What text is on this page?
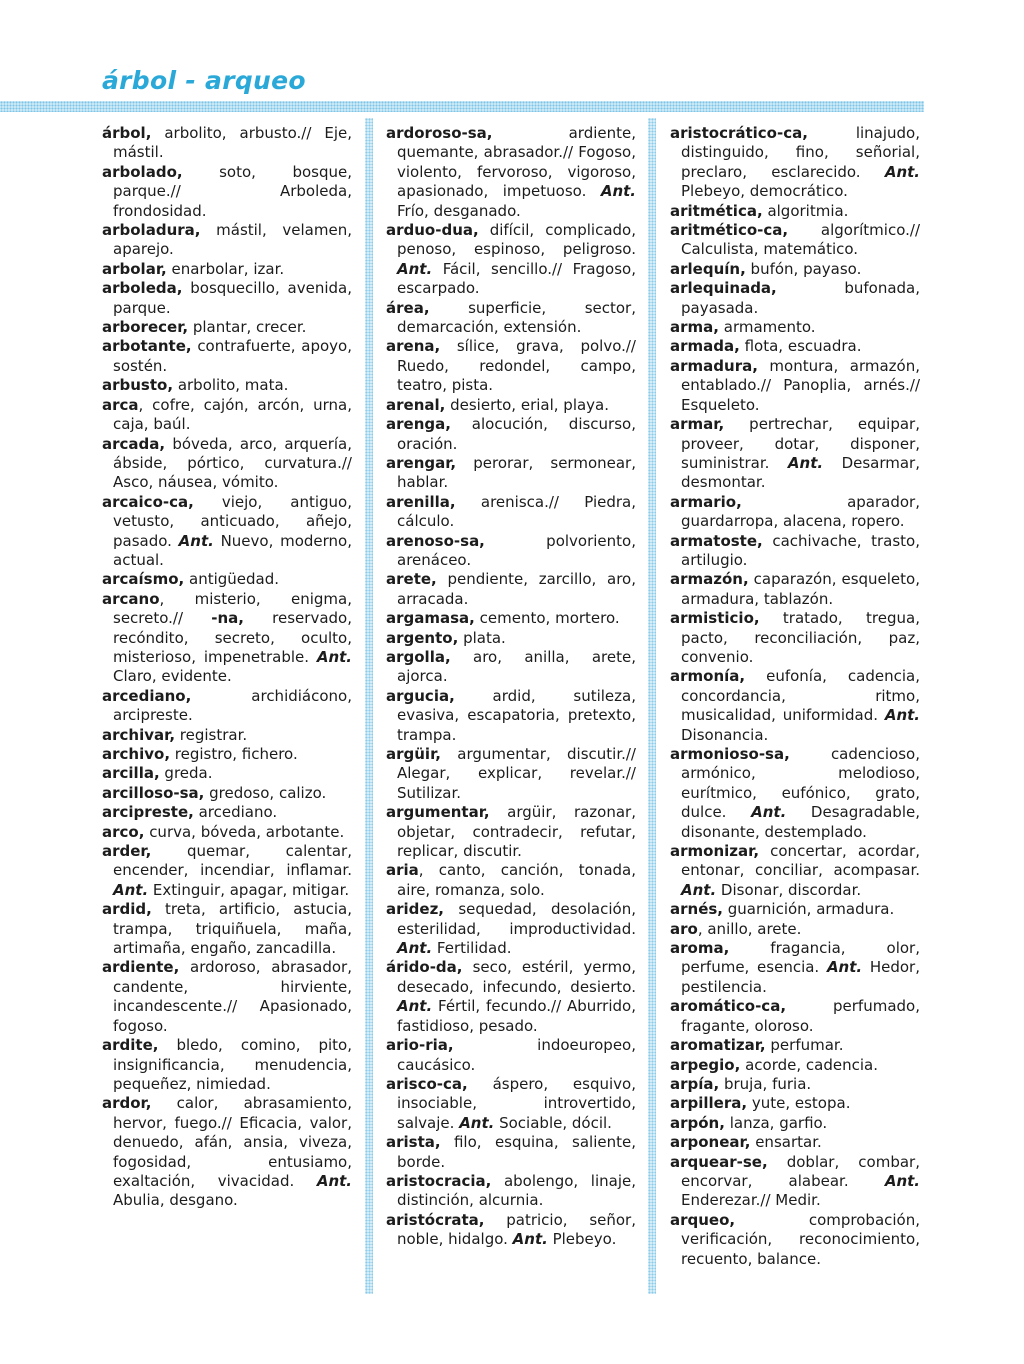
árbol - arqueo

árbol, arbolito, arbusto.// Eje, mástil.

arbolado, soto, bosque, parque.// Arboleda, frondosidad.

arboladura, mástil, velamen, aparejo.

arbolar, enarbolar, izar.

arboleda, bosquecillo, avenida, parque.

arborecer, plantar, crecer.

arbotante, contrafuerte, apoyo, sostén.

arbusto, arbolito, mata.

arca, cofre, cajón, arcón, urna, caja, baúl.

arcada, bóveda, arco, arquería, ábside, pórtico, curvatura.// Asco, náusea, vómito.

arcaico-ca, viejo, antiguo, vetusto, anticuado, añejo, pasado. Ant. Nuevo, moderno, actual.

arcaísmo, antigüedad.

arcano, misterio, enigma, secreto.// -na, reservado, recóndito, secreto, oculto, misterioso, impenetrable. Ant. Claro, evidente.

arcediano, archidiácono, arcipreste.

archivar, registrar.

archivo, registro, fichero.

arcilla, greda.

arcilloso-sa, gredoso, calizo.

arcipreste, arcediano.

arco, curva, bóveda, arbotante.

arder, quemar, calentar, encender, incendiar, inflamar. Ant. Extinguir, apagar, mitigar.

ardid, treta, artificio, astucia, trampa, triquiñuela, maña, artimaña, engaño, zancadilla.

ardiente, ardoroso, abrasador, candente, hirviente, incandescente.// Apasionado, fogoso.

ardite, bledo, comino, pito, insignificancia, menudencia, pequeñez, nimiedad.

ardor, calor, abrasamiento, hervor, fuego.// Eficacia, valor, denuedo, afán, ansia, viveza, fogosidad, entusiamo, exaltación, vivacidad. Ant. Abulia, desgano.

ardoroso-sa, ardiente, quemante, abrasador.// Fogoso, violento, fervoroso, vigoroso, apasionado, impetuoso. Ant. Frío, desganado.

arduo-dua, difícil, complicado, penoso, espinoso, peligroso. Ant. Fácil, sencillo.// Fragoso, escarpado.

área, superficie, sector, demarcación, extensión.

arena, sílice, grava, polvo.// Ruedo, redondel, campo, teatro, pista.

arenal, desierto, erial, playa.

arenga, alocución, discurso, oración.

arengar, perorar, sermonear, hablar.

arenilla, arenisca.// Piedra, cálculo.

arenoso-sa, polvoriento, arenáceo.

arete, pendiente, zarcillo, aro, arracada.

argamasa, cemento, mortero.

argento, plata.

argolla, aro, anilla, arete, ajorca.

argucia, ardid, sutileza, evasiva, escapatoria, pretexto, trampa.

argüir, argumentar, discutir.// Alegar, explicar, revelar.// Sutilizar.

argumentar, argüir, razonar, objetar, contradecir, refutar, replicar, discutir.

aria, canto, canción, tonada, aire, romanza, solo.

aridez, sequedad, desolación, esterilidad, improductividad. Ant. Fertilidad.

árido-da, seco, estéril, yermo, desecado, infecundo, desierto. Ant. Fértil, fecundo.// Aburrido, fastidioso, pesado.

ario-ria, indoeuropeo, caucásico.

arisco-ca, áspero, esquivo, insociable, introvertido, salvaje. Ant. Sociable, dócil.

arista, filo, esquina, saliente, borde.

aristocracia, abolengo, linaje, distinción, alcurnia.

aristócrata, patricio, señor, noble, hidalgo. Ant. Plebeyo.

aristocrático-ca, linajudo, distinguido, fino, señorial, preclaro, esclarecido. Ant. Plebeyo, democrático.

aritmética, algoritmia.

aritmético-ca, algorítmico.// Calculista, matemático.

arlequín, bufón, payaso.

arlequinada, bufonada, payasada.

arma, armamento.

armada, flota, escuadra.

armadura, montura, armazón, entablado.// Panoplia, arnés.// Esqueleto.

armar, pertrechar, equipar, proveer, dotar, disponer, suministrar. Ant. Desarmar, desmontar.

armario, aparador, guardarropa, alacena, ropero.

armatoste, cachivache, trasto, artilugio.

armazón, caparazón, esqueleto, armadura, tablazón.

armisticio, tratado, tregua, pacto, reconciliación, paz, convenio.

armonía, eufonía, cadencia, concordancia, ritmo, musicalidad, uniformidad. Ant. Disonancia.

armonioso-sa, cadencioso, armónico, melodioso, eurítmico, eufónico, grato, dulce. Ant. Desagradable, disonante, destemplado.

armonizar, concertar, acordar, entonar, conciliar, acompasar. Ant. Disonar, discordar.

arnés, guarnición, armadura.

aro, anillo, arete.

aroma, fragancia, olor, perfume, esencia. Ant. Hedor, pestilencia.

aromático-ca, perfumado, fragante, oloroso.

aromatizar, perfumar.

arpegio, acorde, cadencia.

arpía, bruja, furia.

arpillera, yute, estopa.

arpón, lanza, garfio.

arponear, ensartar.

arquear-se, doblar, combar, encorvar, alabear. Ant. Enderezar.// Medir.

arqueo, comprobación, verificación, reconocimiento, recuento, balance.
